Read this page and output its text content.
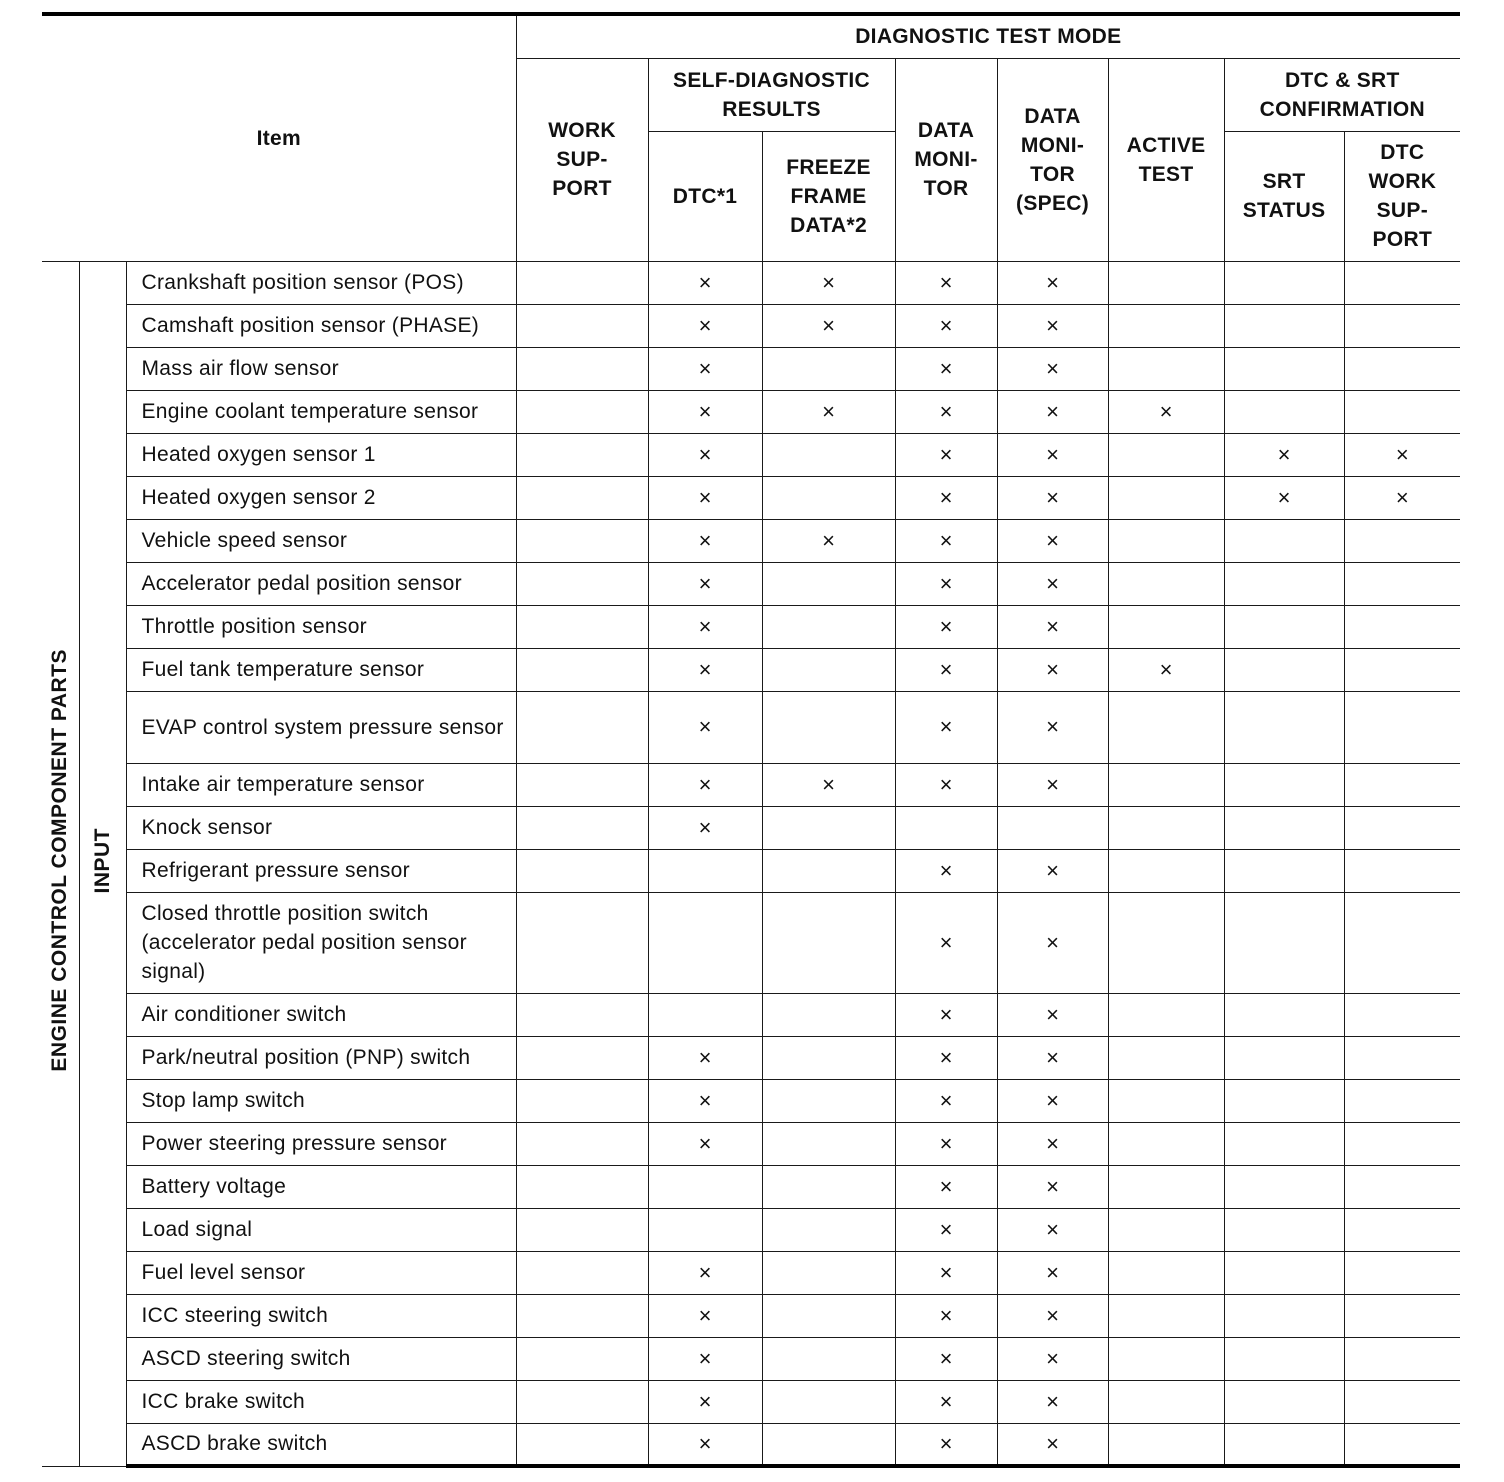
Item			DIAGNOSTIC TEST MODE							
			WORK SUP- PORT	SELF-DIAGNOSTIC RESULTS		DATA MONI- TOR	DATA MONI- TOR (SPEC)	ACTIVE TEST	DTC & SRT CONFIRMATION	
				DTC*1	FREEZE FRAME DATA*2				SRT STATUS	DTC WORK SUP- PORT
ENGINE CONTROL COMPONENT PARTS	INPUT	Crankshaft position sensor (POS)		×	×	×	×			
		Camshaft position sensor (PHASE)		×	×	×	×			
		Mass air flow sensor		×		×	×			
		Engine coolant temperature sensor		×	×	×	×	×		
		Heated oxygen sensor 1		×		×	×		×	×
		Heated oxygen sensor 2		×		×	×		×	×
		Vehicle speed sensor		×	×	×	×			
		Accelerator pedal position sensor		×		×	×			
		Throttle position sensor		×		×	×			
		Fuel tank temperature sensor		×		×	×	×		
		EVAP control system pressure sensor		×		×	×			
		Intake air temperature sensor		×	×	×	×			
		Knock sensor		×						
		Refrigerant pressure sensor				×	×			
		Closed throttle position switch (accelerator pedal position sensor signal)				×	×			
		Air conditioner switch				×	×			
		Park/neutral position (PNP) switch		×		×	×			
		Stop lamp switch		×		×	×			
		Power steering pressure sensor		×		×	×			
		Battery voltage				×	×			
		Load signal				×	×			
		Fuel level sensor		×		×	×			
		ICC steering switch		×		×	×			
		ASCD steering switch		×		×	×			
		ICC brake switch		×		×	×			
		ASCD brake switch		×		×	×			
